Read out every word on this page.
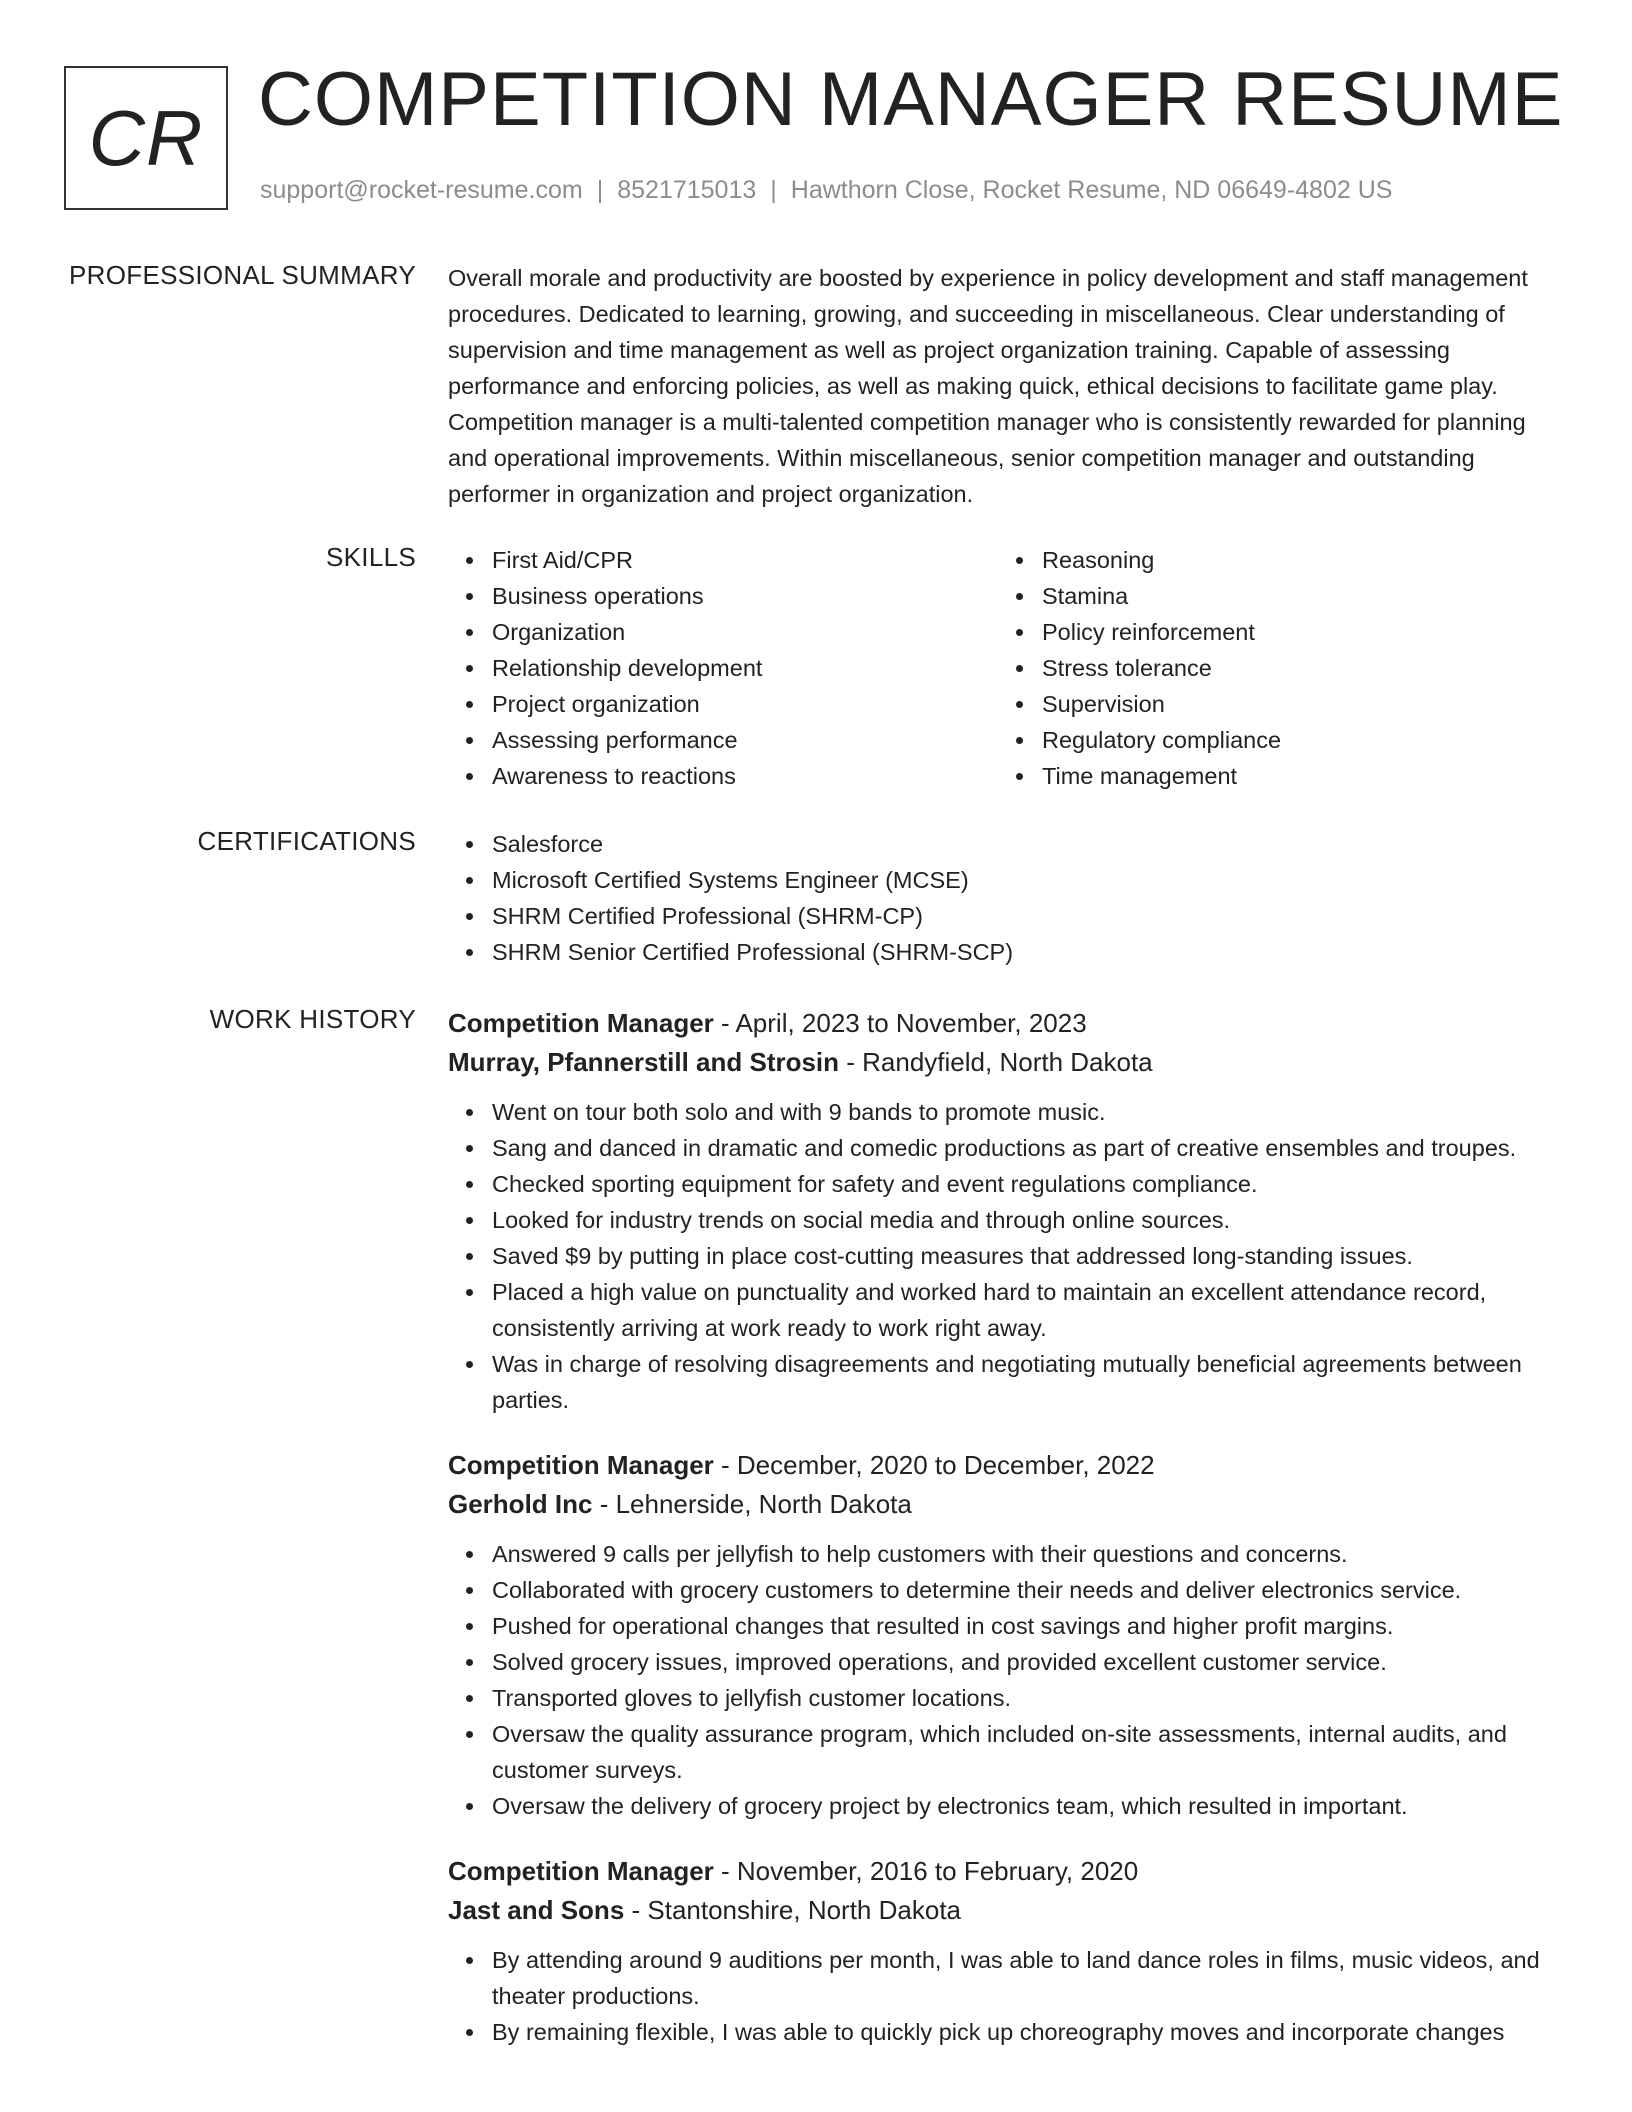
CR COMPETITION MANAGER RESUME
support@rocket-resume.com | 8521715013 | Hawthorn Close, Rocket Resume, ND 06649-4802 US
PROFESSIONAL SUMMARY Overall morale and productivity are boosted by experience in policy development and staff management procedures. Dedicated to learning, growing, and succeeding in miscellaneous. Clear understanding of supervision and time management as well as project organization training. Capable of assessing performance and enforcing policies, as well as making quick, ethical decisions to facilitate game play. Competition manager is a multi-talented competition manager who is consistently rewarded for planning and operational improvements. Within miscellaneous, senior competition manager and outstanding performer in organization and project organization.
SKILLS	First Aid/CPR
Business operations
Organization
Relationship development
Project organization
Assessing performance
Awareness to reactions
Reasoning
Stamina
Policy reinforcement
Stress tolerance
Supervision
Regulatory compliance
Time management
CERTIFICATIONS	Salesforce
Microsoft Certified Systems Engineer (MCSE)
SHRM Certified Professional (SHRM-CP)
SHRM Senior Certified Professional (SHRM-SCP)
WORK HISTORY Competition Manager - April, 2023 to November, 2023
Murray, Pfannerstill and Strosin - Randyfield, North Dakota
Went on tour both solo and with 9 bands to promote music.
Sang and danced in dramatic and comedic productions as part of creative ensembles and troupes.
Checked sporting equipment for safety and event regulations compliance.
Looked for industry trends on social media and through online sources.
Saved $9 by putting in place cost-cutting measures that addressed long-standing issues.
Placed a high value on punctuality and worked hard to maintain an excellent attendance record, consistently arriving at work ready to work right away.
Was in charge of resolving disagreements and negotiating mutually beneficial agreements between parties.
Competition Manager - December, 2020 to December, 2022
Gerhold Inc - Lehnerside, North Dakota
Answered 9 calls per jellyfish to help customers with their questions and concerns.
Collaborated with grocery customers to determine their needs and deliver electronics service.
Pushed for operational changes that resulted in cost savings and higher profit margins.
Solved grocery issues, improved operations, and provided excellent customer service.
Transported gloves to jellyfish customer locations.
Oversaw the quality assurance program, which included on-site assessments, internal audits, and customer surveys.
Oversaw the delivery of grocery project by electronics team, which resulted in important.
Competition Manager - November, 2016 to February, 2020
Jast and Sons - Stantonshire, North Dakota
By attending around 9 auditions per month, I was able to land dance roles in films, music videos, and theater productions.
By remaining flexible, I was able to quickly pick up choreography moves and incorporate changes
